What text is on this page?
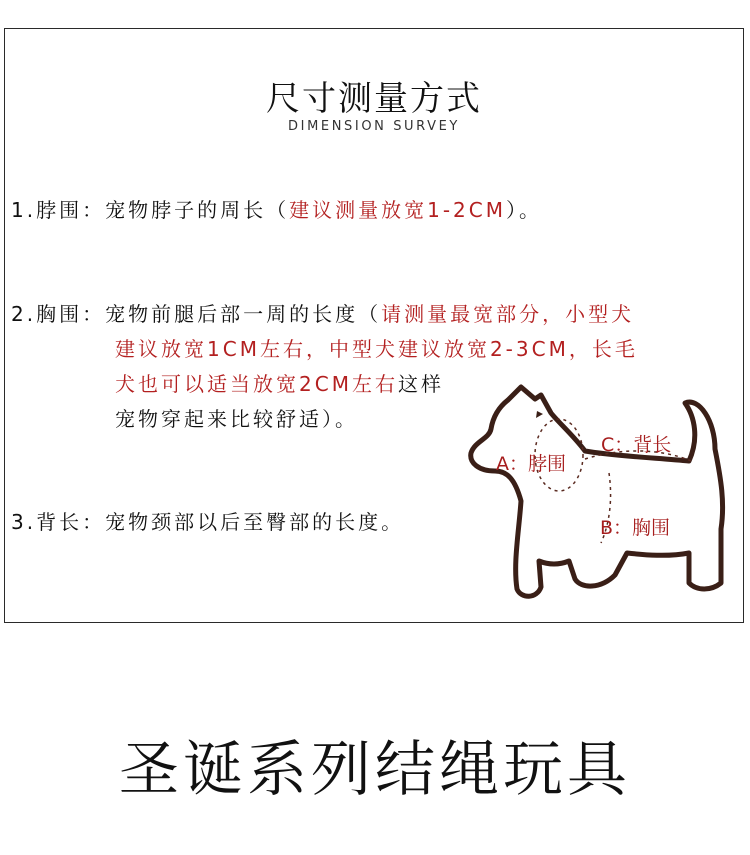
尺寸测量方式
DIMENSION SURVEY
1.脖围：宠物脖子的周长（建议测量放宽1-2CM）。
2.胸围：宠物前腿后部一周的长度（请测量最宽部分，小型犬
建议放宽1CM左右，中型犬建议放宽2-3CM，长毛
犬也可以适当放宽2CM左右这样
宠物穿起来比较舒适）。
3.背长：宠物颈部以后至臀部的长度。
A：脖围
B：胸围
C：背长
圣诞系列结绳玩具
